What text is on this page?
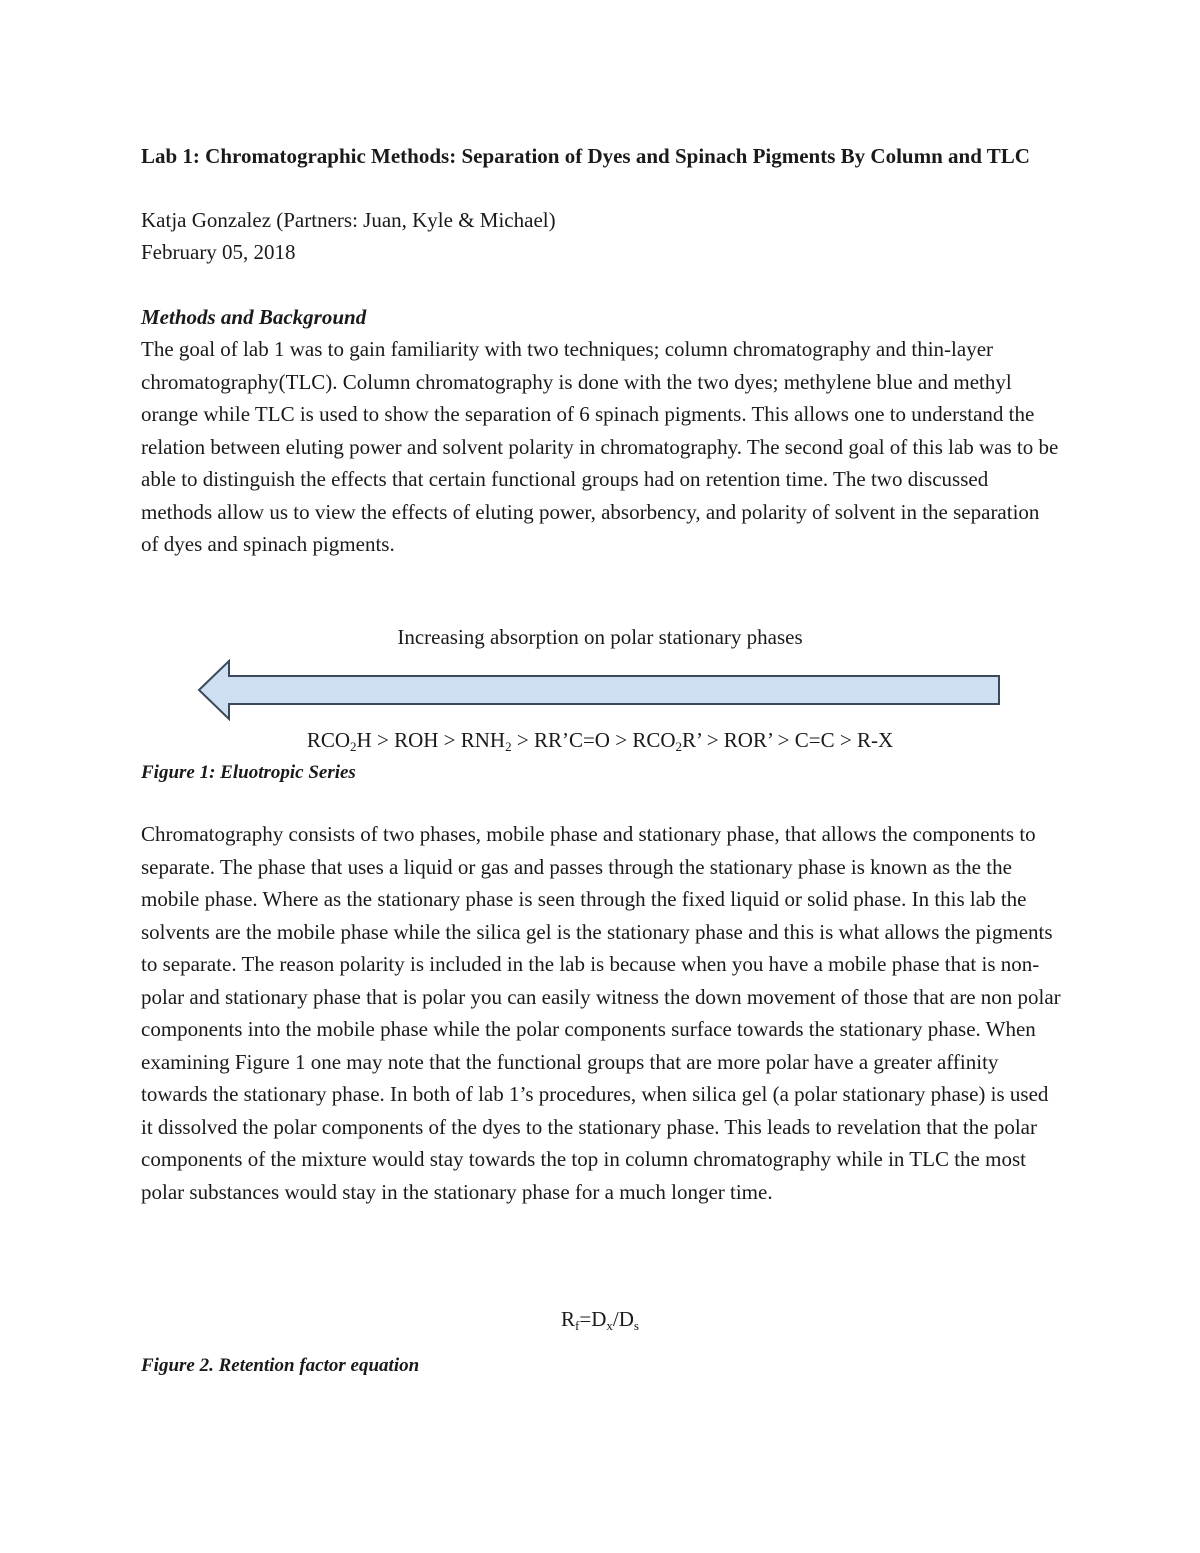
Lab 1: Chromatographic Methods: Separation of Dyes and Spinach Pigments By Column and TLC
Katja Gonzalez (Partners: Juan, Kyle & Michael)
February 05, 2018
Methods and Background
The goal of lab 1 was to gain familiarity with two techniques; column chromatography and thin-layer chromatography(TLC). Column chromatography is done with the two dyes; methylene blue and methyl orange while TLC is used to show the separation of 6 spinach pigments. This allows one to understand the relation between eluting power and solvent polarity in chromatography. The second goal of this lab was to be able to distinguish the effects that certain functional groups had on retention time. The two discussed methods allow us to view the effects of eluting power, absorbency, and polarity of solvent in the separation of dyes and spinach pigments.
Increasing absorption on polar stationary phases
$RCO_2H$ > ROH > $RNH_2$ > RR’C=O > $RCO_2R$’ > ROR’ > C=C > R-X
Figure 1: Eluotropic Series
Chromatography consists of two phases, mobile phase and stationary phase, that allows the components to separate. The phase that uses a liquid or gas and passes through the stationary phase is known as the the mobile phase. Where as the stationary phase is seen through the fixed liquid or solid phase. In this lab the solvents are the mobile phase while the silica gel is the stationary phase and this is what allows the pigments to separate. The reason polarity is included in the lab is because when you have a mobile phase that is non-polar and stationary phase that is polar you can easily witness the down movement of those that are non polar components into the mobile phase while the polar components surface towards the stationary phase. When examining Figure 1 one may note that the functional groups that are more polar have a greater affinity towards the stationary phase. In both of lab 1’s procedures, when silica gel (a polar stationary phase) is used it dissolved the polar components of the dyes to the stationary phase. This leads to revelation that the polar components of the mixture would stay towards the top in column chromatography while in TLC the most polar substances would stay in the stationary phase for a much longer time.
$R_f=D_x/D_s$
Figure 2. Retention factor equation
